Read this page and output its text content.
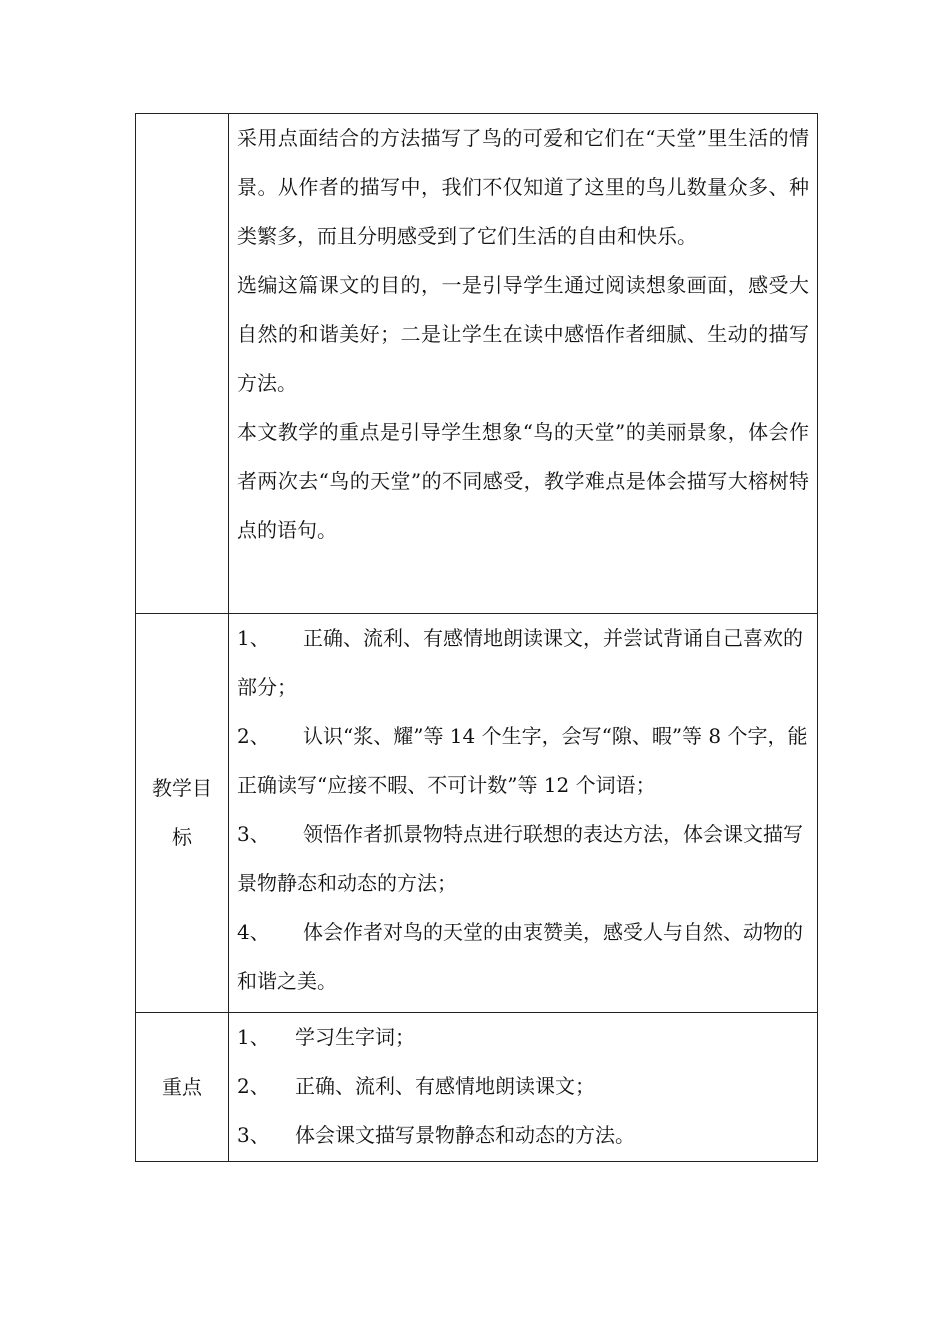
	采用点面结合的方法描写了鸟的可爱和它们在“天堂”里生活的情景。从作者的描写中，我们不仅知道了这里的鸟儿数量众多、种类繁多，而且分明感受到了它们生活的自由和快乐。

选编这篇课文的目的，一是引导学生通过阅读想象画面，感受大自然的和谐美好；二是让学生在读中感悟作者细腻、生动的描写方法。

本文教学的重点是引导学生想象“鸟的天堂”的美丽景象，体会作者两次去“鸟的天堂”的不同感受，教学难点是体会描写大榕树特点的语句。

教学目标	1、 正确、流利、有感情地朗读课文，并尝试背诵自己喜欢的部分；

2、 认识“浆、耀”等 14 个生字，会写“隙、暇”等 8 个字，能正确读写“应接不暇、不可计数”等 12 个词语；

3、 领悟作者抓景物特点进行联想的表达方法，体会课文描写景物静态和动态的方法；

4、 体会作者对鸟的天堂的由衷赞美，感受人与自然、动物的和谐之美。

重点	1、 学习生字词；

2、 正确、流利、有感情地朗读课文；

3、 体会课文描写景物静态和动态的方法。
